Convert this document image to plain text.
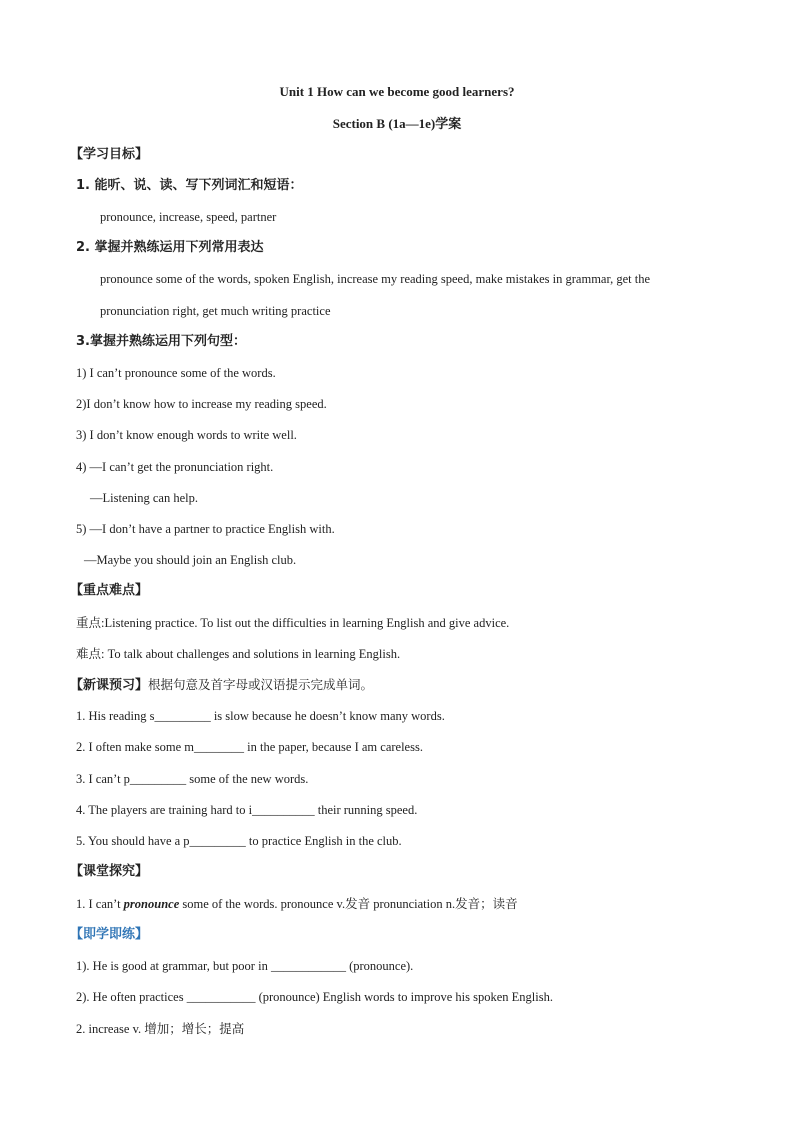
Unit 1 How can we become good learners?
Section B (1a—1e)学案
【学习目标】
1. 能听、说、读、写下列词汇和短语：
pronounce, increase, speed, partner
2. 掌握并熟练运用下列常用表达
pronounce some of the words, spoken English, increase my reading speed, make mistakes in grammar, get the
pronunciation right, get much writing practice
3.掌握并熟练运用下列句型：
1) I can’t pronounce some of the words.
2)I don’t know how to increase my reading speed.
3) I don’t know enough words to write well.
4) —I can’t get the pronunciation right.
—Listening can help.
5) —I don’t have a partner to practice English with.
—Maybe you should join an English club.
【重点难点】
重点:Listening practice. To list out the difficulties in learning English and give advice.
难点: To talk about challenges and solutions in learning English.
【新课预习】根据句意及首字母或汉语提示完成单词。
1. His reading s_________ is slow because he doesn’t know many words.
2. I often make some m________ in the paper, because I am careless.
3. I can’t p_________ some of the new words.
4. The players are training hard to i__________ their running speed.
5. You should have a p_________ to practice English in the club.
【课堂探究】
1. I can’t pronounce some of the words. pronounce v.发音 pronunciation n.发音；读音
【即学即练】
1). He is good at grammar, but poor in ____________ (pronounce).
2). He often practices ___________ (pronounce) English words to improve his spoken English.
2. increase v. 增加；增长；提高
